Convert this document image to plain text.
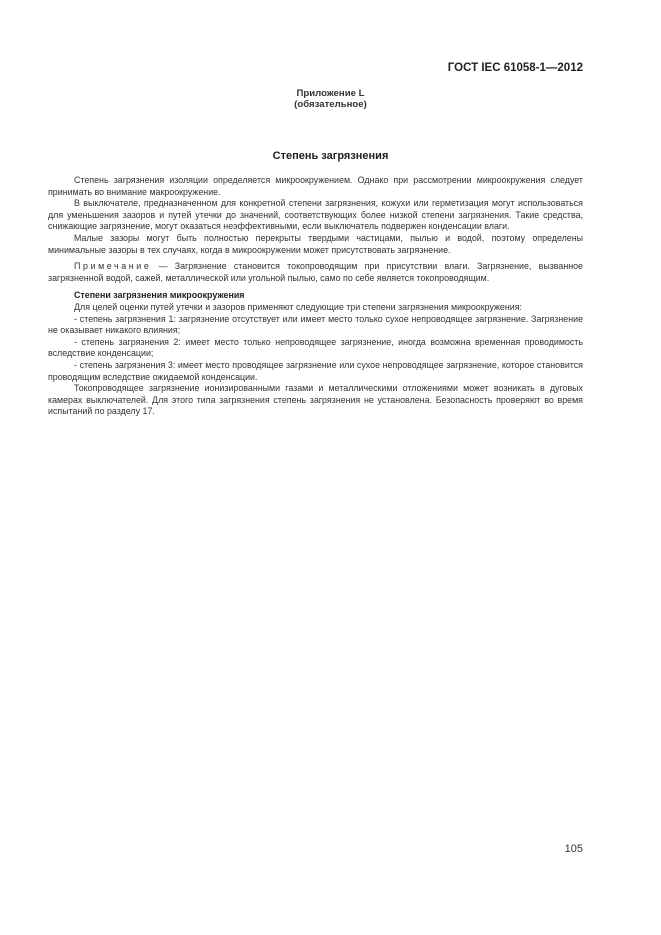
ГОСТ IEC 61058-1—2012
Приложение L
(обязательное)
Степень загрязнения

Степень загрязнения изоляции определяется микроокружением. Однако при рассмотрении микроокружения следует принимать во внимание макроокружение.

В выключателе, предназначенном для конкретной степени загрязнения, кожухи или герметизация могут использоваться для уменьшения зазоров и путей утечки до значений, соответствующих более низкой степени загрязнения. Такие средства, снижающие загрязнение, могут оказаться неэффективными, если выключатель подвержен конденсации влаги.

Малые зазоры могут быть полностью перекрыты твердыми частицами, пылью и водой, поэтому определены минимальные зазоры в тех случаях, когда в микроокружении может присутствовать загрязнение.

Примечание — Загрязнение становится токопроводящим при присутствии влаги. Загрязнение, вызванное загрязненной водой, сажей, металлической или угольной пылью, само по себе является токопроводящим.

Степени загрязнения микроокружения

Для целей оценки путей утечки и зазоров применяют следующие три степени загрязнения микроокружения:

- степень загрязнения 1: загрязнение отсутствует или имеет место только сухое непроводящее загрязнение. Загрязнение не оказывает никакого влияния;

- степень загрязнения 2: имеет место только непроводящее загрязнение, иногда возможна временная проводимость вследствие конденсации;

- степень загрязнения 3: имеет место проводящее загрязнение или сухое непроводящее загрязнение, которое становится проводящим вследствие ожидаемой конденсации.

Токопроводящее загрязнение ионизированными газами и металлическими отложениями может возникать в дуговых камерах выключателей. Для этого типа загрязнения степень загрязнения не установлена. Безопасность проверяют во время испытаний по разделу 17.

105
